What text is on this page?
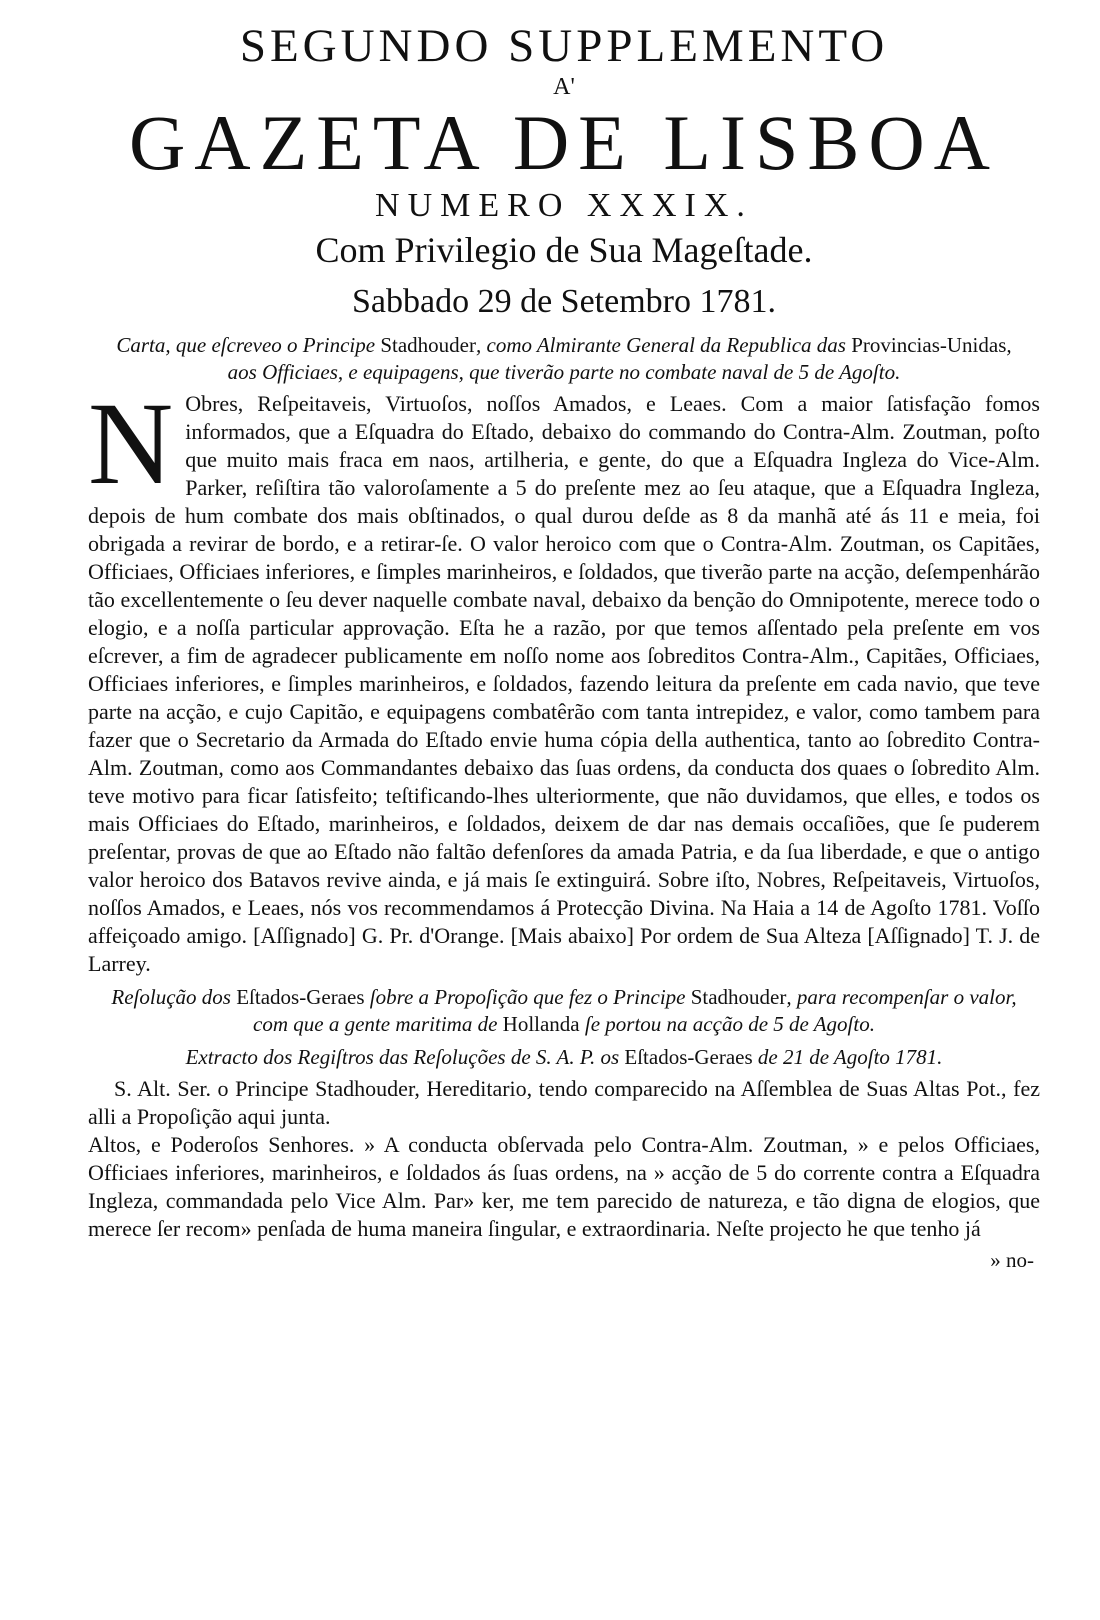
SEGUNDO SUPPLEMENTO
A'
GAZETA DE LISBOA
NUMERO XXXIX.
Com Privilegio de Sua Mageſtade.
Sabbado 29 de Setembro 1781.
Carta, que eſcreveo o Principe Stadhouder, como Almirante General da Republica das Provincias-Unidas, aos Officiaes, e equipagens, que tiverão parte no combate naval de 5 de Agoſto.
N Obres, Reſpeitaveis, Virtuoſos, noſſos Amados, e Leaes. Com a maior ſatisfação fomos informados, que a Eſquadra do Eſtado, debaixo do commando do Contra-Alm. Zoutman, poſto que muito mais fraca em naos, artilheria, e gente, do que a Eſquadra Ingleza do Vice-Alm. Parker, reſiſtira tão valoroſamente a 5 do preſente mez ao ſeu ataque, que a Eſquadra Ingleza, depois de hum combate dos mais obſtinados, o qual durou deſde as 8 da manhã até ás 11 e meia, foi obrigada a revirar de bordo, e a retirar-ſe. O valor heroico com que o Contra-Alm. Zoutman, os Capitães, Officiaes, Officiaes inferiores, e ſimples marinheiros, e ſoldados, que tiverão parte na acção, deſempenhárão tão excellentemente o ſeu dever naquelle combate naval, debaixo da benção do Omnipotente, merece todo o elogio, e a noſſa particular approvação. Eſta he a razão, por que temos aſſentado pela preſente em vos eſcrever, a fim de agradecer publicamente em noſſo nome aos ſobreditos Contra-Alm., Capitães, Officiaes, Officiaes inferiores, e ſimples marinheiros, e ſoldados, fazendo leitura da preſente em cada navio, que teve parte na acção, e cujo Capitão, e equipagens combatêrão com tanta intrepidez, e valor, como tambem para fazer que o Secretario da Armada do Eſtado envie huma cópia della authentica, tanto ao ſobredito Contra-Alm. Zoutman, como aos Commandantes debaixo das ſuas ordens, da conducta dos quaes o ſobredito Alm. teve motivo para ficar ſatisfeito; teſtificando-lhes ulteriormente, que não duvidamos, que elles, e todos os mais Officiaes do Eſtado, marinheiros, e ſoldados, deixem de dar nas demais occaſiões, que ſe puderem preſentar, provas de que ao Eſtado não faltão defenſores da amada Patria, e da ſua liberdade, e que o antigo valor heroico dos Batavos revive ainda, e já mais ſe extinguirá. Sobre iſto, Nobres, Reſpeitaveis, Virtuoſos, noſſos Amados, e Leaes, nós vos recommendamos á Protecção Divina. Na Haia a 14 de Agoſto 1781. Voſſo affeiçoado amigo. [Aſſignado] G. Pr. d'Orange. [Mais abaixo] Por ordem de Sua Alteza [Aſſignado] T. J. de Larrey.
Reſolução dos Eſtados-Geraes ſobre a Propoſição que fez o Principe Stadhouder, para recompenſar o valor, com que a gente maritima de Hollanda ſe portou na acção de 5 de Agoſto.
Extracto dos Regiſtros das Reſoluções de S. A. P. os Eſtados-Geraes de 21 de Agoſto 1781.

S. Alt. Ser. o Principe Stadhouder, Hereditario, tendo comparecido na Aſſemblea de Suas Altas Pot., fez alli a Propoſição aqui junta.

Altos, e Poderoſos Senhores. » A conducta obſervada pelo Contra-Alm. Zoutman, » e pelos Officiaes, Officiaes inferiores, marinheiros, e ſoldados ás ſuas ordens, na » acção de 5 do corrente contra a Eſquadra Ingleza, commandada pelo Vice Alm. Par» ker, me tem parecido de natureza, e tão digna de elogios, que merece ſer recom» penſada de huma maneira ſingular, e extraordinaria. Neſte projecto he que tenho já

» no-
